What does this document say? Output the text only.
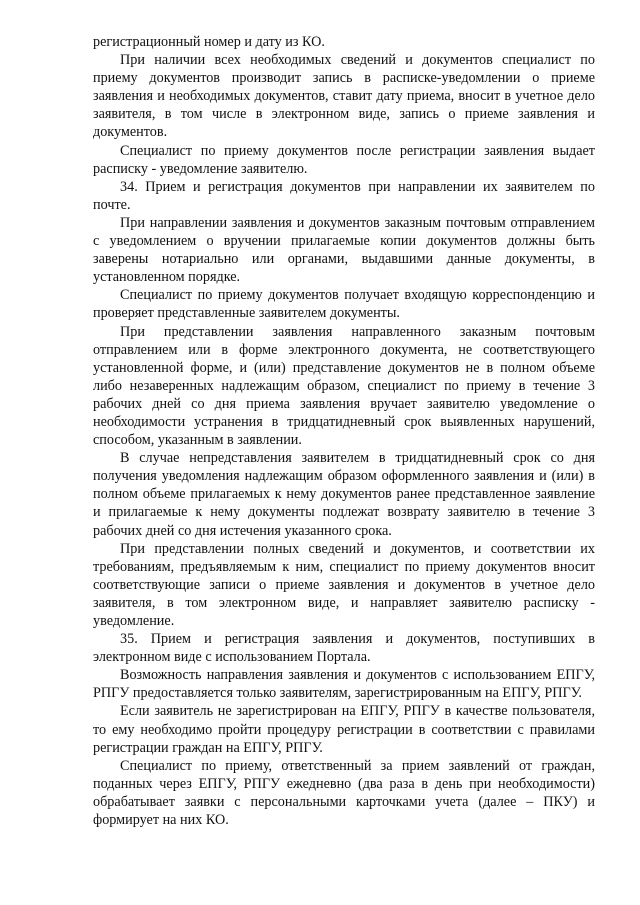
регистрационный номер и дату из КО.

При наличии всех необходимых сведений и документов специалист по приему документов производит запись в расписке-уведомлении о приеме заявления и необходимых документов, ставит дату приема, вносит в учетное дело заявителя, в том числе в электронном виде, запись о приеме заявления и документов.

Специалист по приему документов после регистрации заявления выдает расписку - уведомление заявителю.

34. Прием и регистрация документов при направлении их заявителем по почте.

При направлении заявления и документов заказным почтовым отправлением с уведомлением о вручении прилагаемые копии документов должны быть заверены нотариально или органами, выдавшими данные документы, в установленном порядке.

Специалист по приему документов получает входящую корреспонденцию и проверяет представленные заявителем документы.

При представлении заявления направленного заказным почтовым отправлением или в форме электронного документа, не соответствующего установленной форме, и (или) представление документов не в полном объеме либо незаверенных надлежащим образом, специалист по приему в течение 3 рабочих дней со дня приема заявления вручает заявителю уведомление о необходимости устранения в тридцатидневный срок выявленных нарушений, способом, указанным в заявлении.

В случае непредставления заявителем в тридцатидневный срок со дня получения уведомления надлежащим образом оформленного заявления и (или) в полном объеме прилагаемых к нему документов ранее представленное заявление и прилагаемые к нему документы подлежат возврату заявителю в течение 3 рабочих дней со дня истечения указанного срока.

При представлении полных сведений и документов, и соответствии их требованиям, предъявляемым к ним, специалист по приему документов вносит соответствующие записи о приеме заявления и документов в учетное дело заявителя, в том электронном виде, и направляет заявителю расписку - уведомление.

35. Прием и регистрация заявления и документов, поступивших в электронном виде с использованием Портала.

Возможность направления заявления и документов с использованием ЕПГУ, РПГУ предоставляется только заявителям, зарегистрированным на ЕПГУ, РПГУ.

Если заявитель не зарегистрирован на ЕПГУ, РПГУ в качестве пользователя, то ему необходимо пройти процедуру регистрации в соответствии с правилами регистрации граждан на ЕПГУ, РПГУ.

Специалист по приему, ответственный за прием заявлений от граждан, поданных через ЕПГУ, РПГУ ежедневно (два раза в день при необходимости) обрабатывает заявки с персональными карточками учета (далее – ПКУ) и формирует на них КО.
